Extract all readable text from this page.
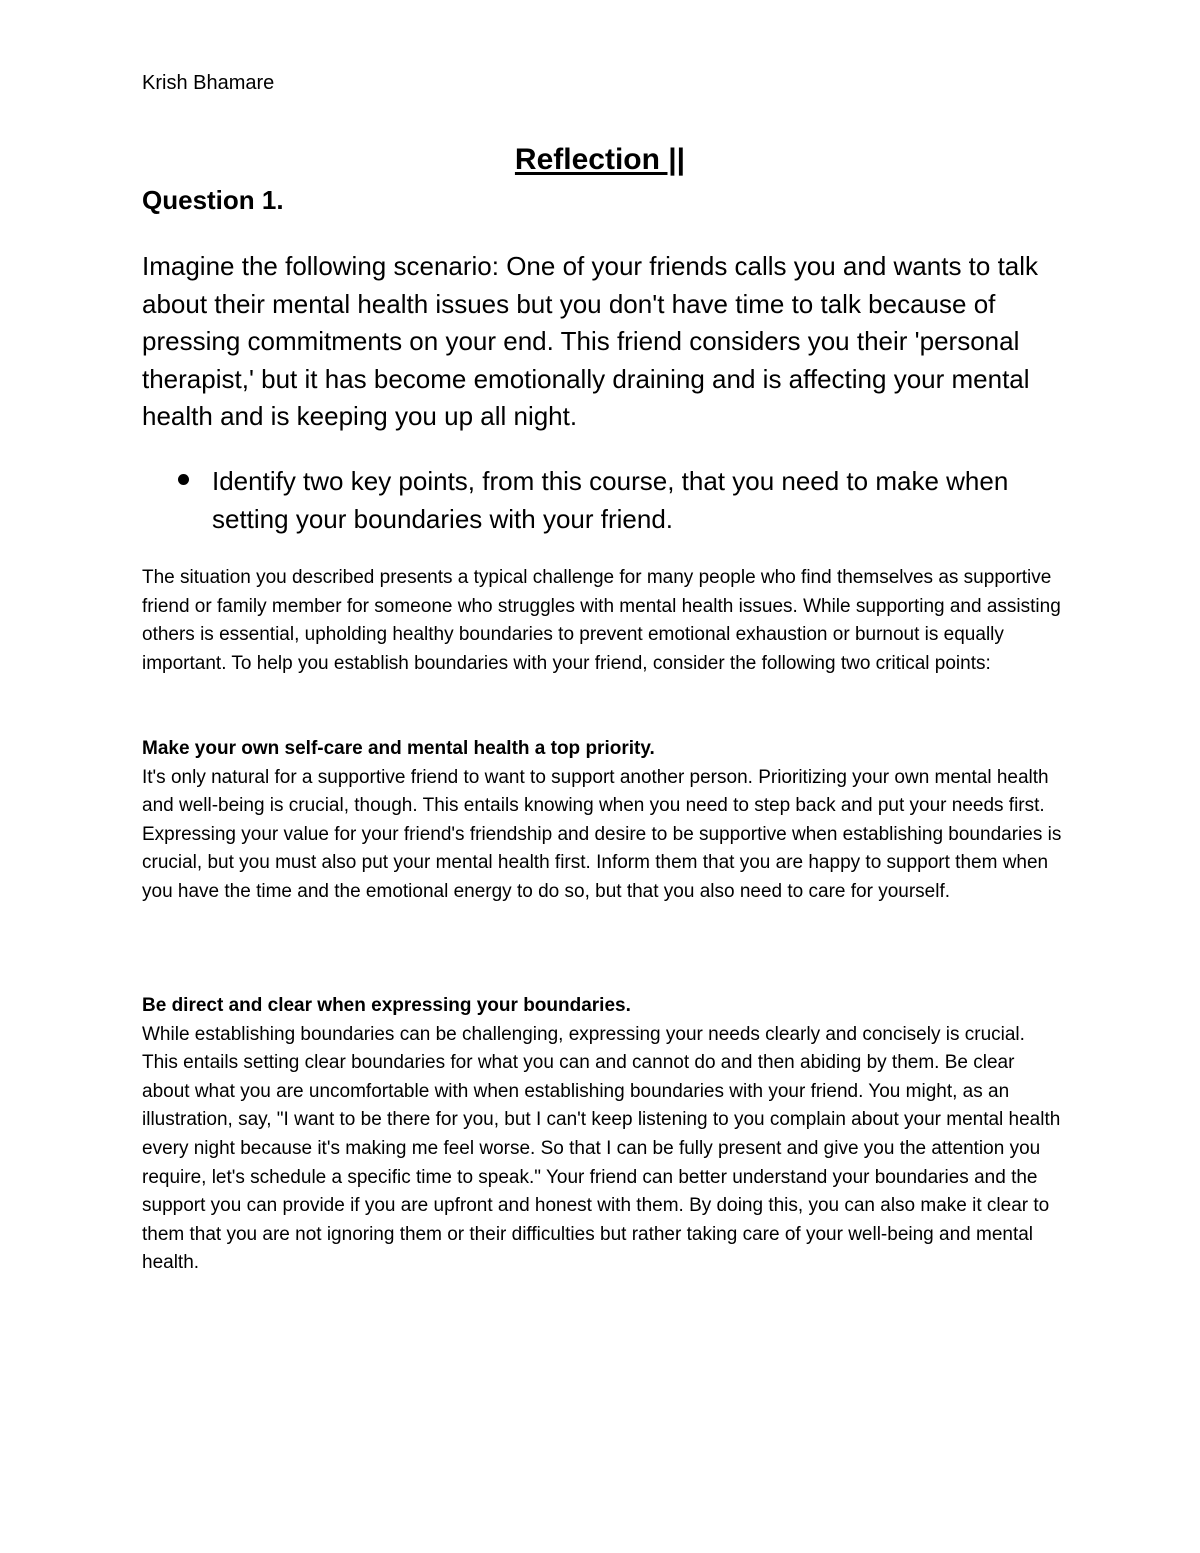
Krish Bhamare
Reflection ||
Question 1.

Imagine the following scenario: One of your friends calls you and wants to talk about their mental health issues but you don't have time to talk because of pressing commitments on your end. This friend considers you their 'personal therapist,' but it has become emotionally draining and is affecting your mental health and is keeping you up all night.

Identify two key points, from this course, that you need to make when setting your boundaries with your friend.

The situation you described presents a typical challenge for many people who find themselves as supportive friend or family member for someone who struggles with mental health issues. While supporting and assisting others is essential, upholding healthy boundaries to prevent emotional exhaustion or burnout is equally important. To help you establish boundaries with your friend, consider the following two critical points:

Make your own self-care and mental health a top priority.
It's only natural for a supportive friend to want to support another person. Prioritizing your own mental health and well-being is crucial, though. This entails knowing when you need to step back and put your needs first.
Expressing your value for your friend's friendship and desire to be supportive when establishing boundaries is crucial, but you must also put your mental health first. Inform them that you are happy to support them when you have the time and the emotional energy to do so, but that you also need to care for yourself.
Be direct and clear when expressing your boundaries.
While establishing boundaries can be challenging, expressing your needs clearly and concisely is crucial. This entails setting clear boundaries for what you can and cannot do and then abiding by them. Be clear about what you are uncomfortable with when establishing boundaries with your friend. You might, as an illustration, say, "I want to be there for you, but I can't keep listening to you complain about your mental health every night because it's making me feel worse. So that I can be fully present and give you the attention you require, let's schedule a specific time to speak." Your friend can better understand your boundaries and the support you can provide if you are upfront and honest with them. By doing this, you can also make it clear to them that you are not ignoring them or their difficulties but rather taking care of your well-being and mental health.
